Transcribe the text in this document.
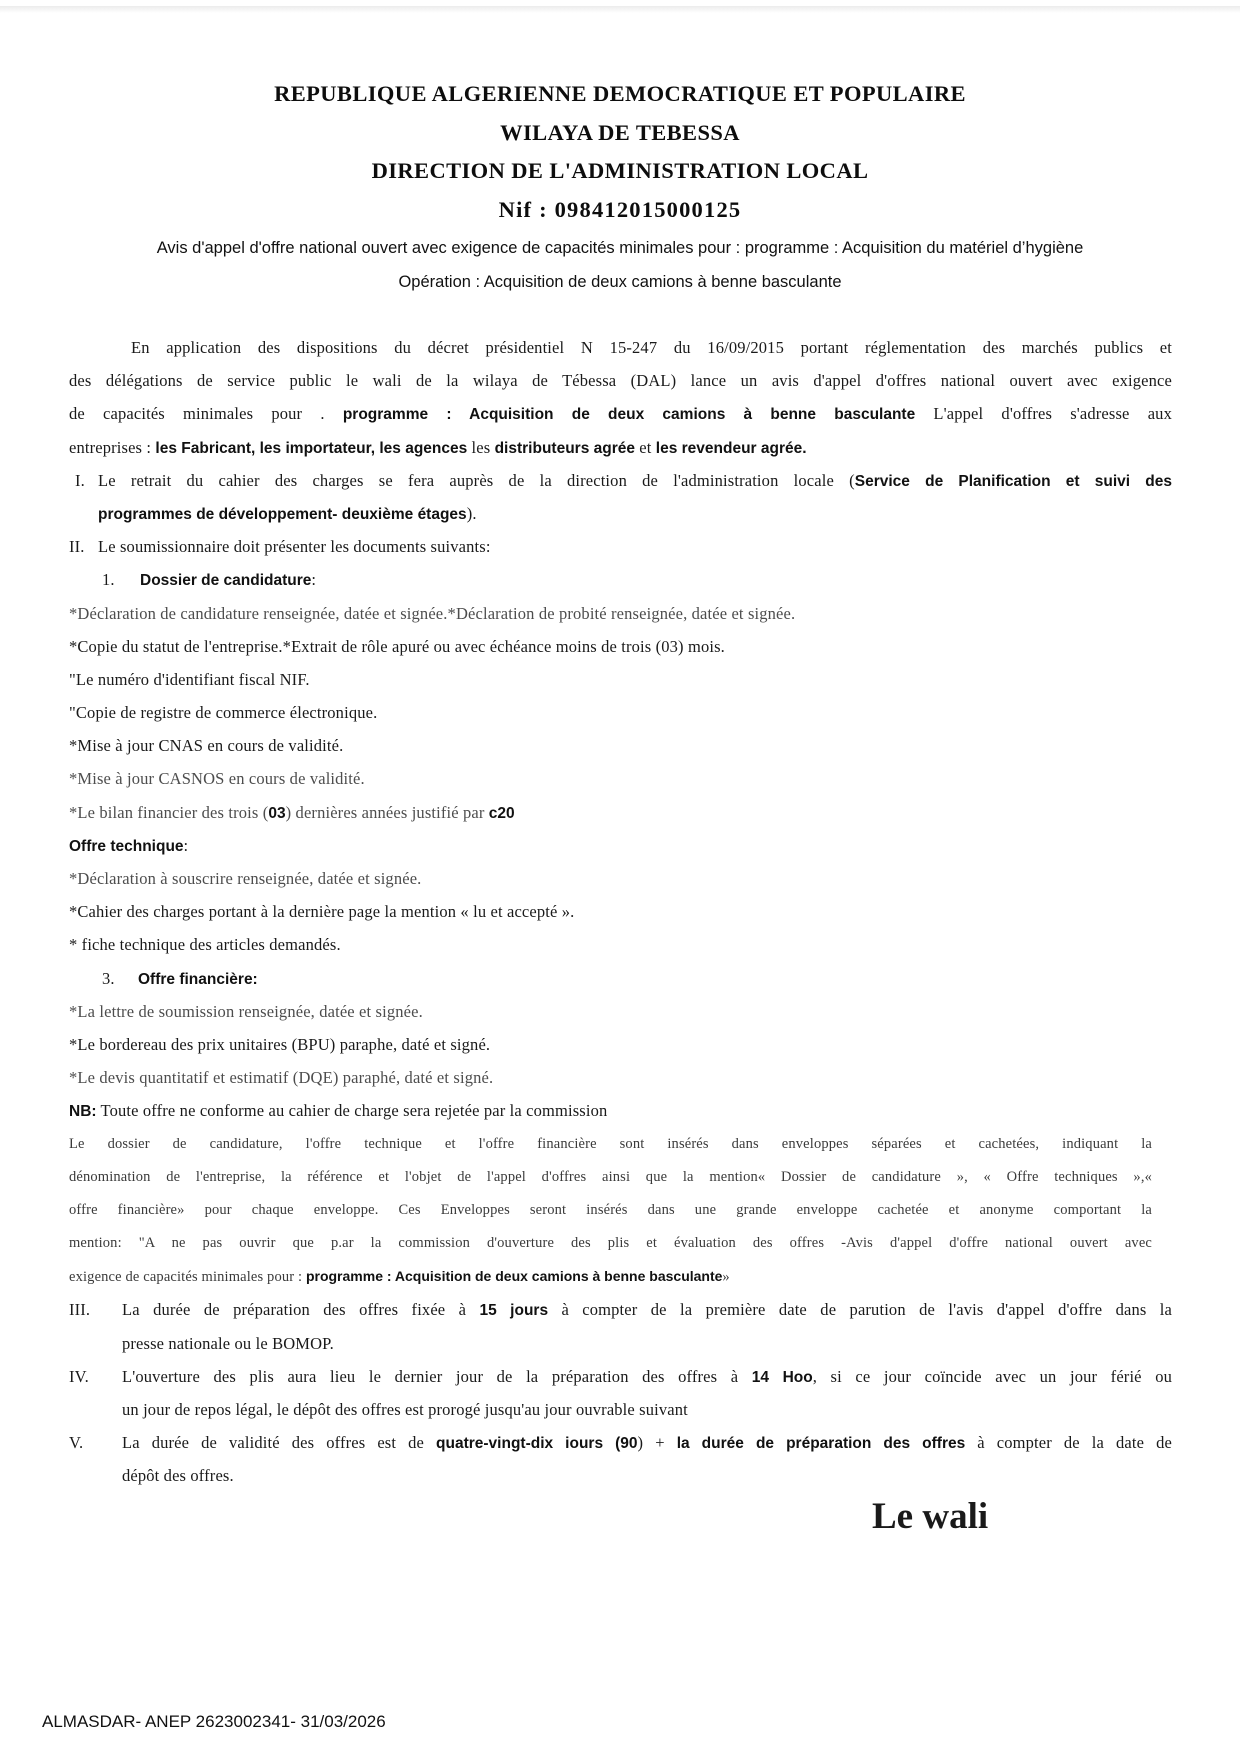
REPUBLIQUE ALGERIENNE DEMOCRATIQUE ET POPULAIRE
WILAYA DE TEBESSA
DIRECTION DE L'ADMINISTRATION LOCAL
Nif : 098412015000125
Avis d'appel d'offre national ouvert avec exigence de capacités minimales pour : programme : Acquisition du matériel d’hygiène
Opération : Acquisition de deux camions à benne basculante
En application des dispositions du décret présidentiel N 15-247 du 16/09/2015 portant réglementation des marchés publics et
des délégations de service public le wali de la wilaya de Tébessa (DAL) lance un avis d'appel d'offres national ouvert avec exigence
de capacités minimales pour . programme : Acquisition de deux camions à benne basculante L'appel d'offres s'adresse aux
entreprises : les Fabricant, les importateur, les agences les distributeurs agrée et les revendeur agrée.
I. Le retrait du cahier des charges se fera auprès de la direction de l'administration locale (Service de Planification et suivi des
programmes de développement- deuxième étages).
II. Le soumissionnaire doit présenter les documents suivants:
1.	Dossier de candidature:
*Déclaration de candidature renseignée, datée et signée.*Déclaration de probité renseignée, datée et signée.
*Copie du statut de l'entreprise.*Extrait de rôle apuré ou avec échéance moins de trois (03) mois.
"Le numéro d'identifiant fiscal NIF.
"Copie de registre de commerce électronique.
*Mise à jour CNAS en cours de validité.
*Mise à jour CASNOS en cours de validité.
*Le bilan financier des trois (03) dernières années justifié par c20
Offre technique:
*Déclaration à souscrire renseignée, datée et signée.
*Cahier des charges portant à la dernière page la mention « lu et accepté ».
* fiche technique des articles demandés.
3.	Offre financière:
*La lettre de soumission renseignée, datée et signée.
*Le bordereau des prix unitaires (BPU) paraphe, daté et signé.
*Le devis quantitatif et estimatif (DQE) paraphé, daté et signé.
NB: Toute offre ne conforme au cahier de charge sera rejetée par la commission
Le dossier de candidature, l'offre technique et l'offre financière sont insérés dans enveloppes séparées et cachetées, indiquant la
dénomination de l'entreprise, la référence et l'objet de l'appel d'offres ainsi que la mention« Dossier de candidature », « Offre techniques »,«
offre financière» pour chaque enveloppe. Ces Enveloppes seront insérés dans une grande enveloppe cachetée et anonyme comportant la
mention: "A ne pas ouvrir que p.ar la commission d'ouverture des plis et évaluation des offres -Avis d'appel d'offre national ouvert avec
exigence de capacités minimales pour : programme : Acquisition de deux camions à benne basculante»
III.	La durée de préparation des offres fixée à 15 jours à compter de la première date de parution de l'avis d'appel d'offre dans la
presse nationale ou le BOMOP.
IV.	L'ouverture des plis aura lieu le dernier jour de la préparation des offres à 14 Hoo, si ce jour coïncide avec un jour férié ou
un jour de repos légal, le dépôt des offres est prorogé jusqu'au jour ouvrable suivant
V.	La durée de validité des offres est de quatre-vingt-dix iours (90) + la durée de préparation des offres à compter de la date de
dépôt des offres.
Le wali
ALMASDAR- ANEP 2623002341- 31/03/2026
